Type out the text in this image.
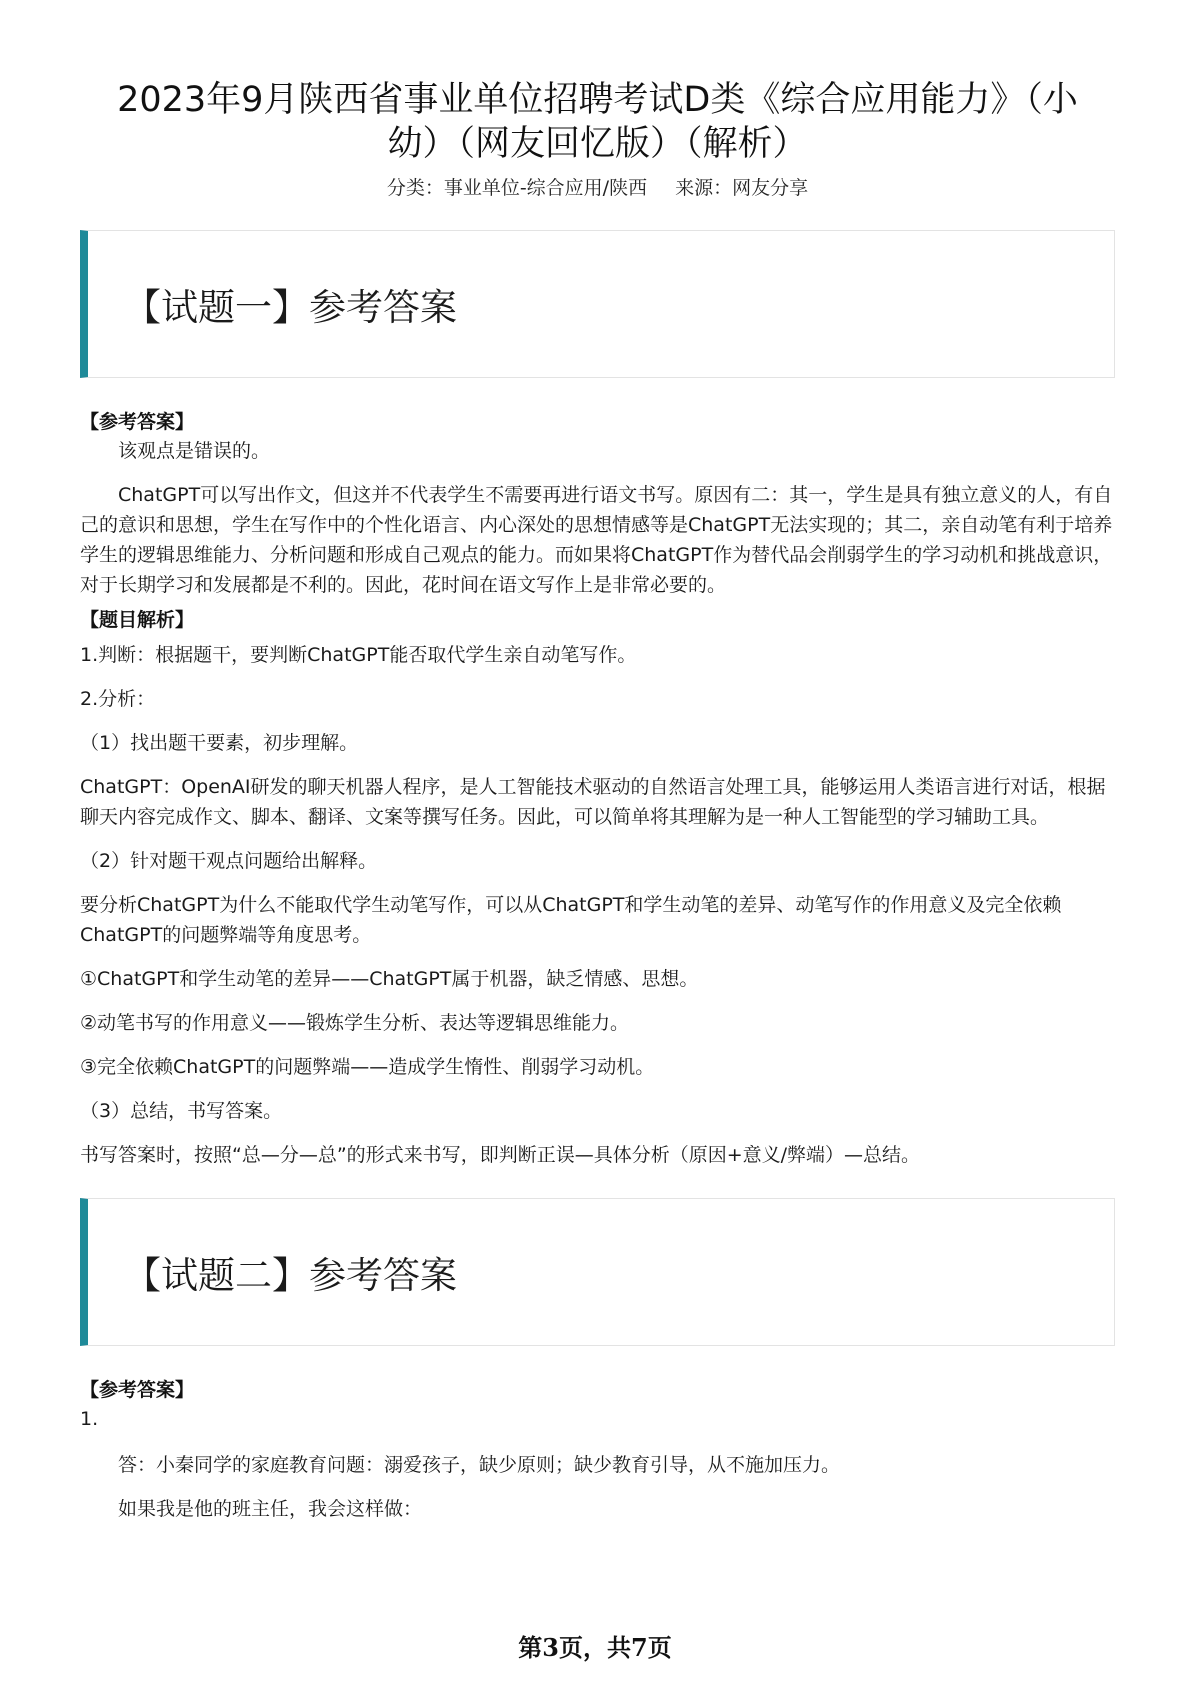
2023年9月陕西省事业单位招聘考试D类《综合应用能力》（小幼）（网友回忆版）（解析）
分类：事业单位-综合应用/陕西 来源：网友分享
【试题一】参考答案
【参考答案】

该观点是错误的。

ChatGPT可以写出作文，但这并不代表学生不需要再进行语文书写。原因有二：其一，学生是具有独立意义的人，有自己的意识和思想，学生在写作中的个性化语言、内心深处的思想情感等是ChatGPT无法实现的；其二，亲自动笔有利于培养学生的逻辑思维能力、分析问题和形成自己观点的能力。而如果将ChatGPT作为替代品会削弱学生的学习动机和挑战意识，对于长期学习和发展都是不利的。因此，花时间在语文写作上是非常必要的。

【题目解析】

1.判断：根据题干，要判断ChatGPT能否取代学生亲自动笔写作。

2.分析：

（1）找出题干要素，初步理解。

ChatGPT：OpenAI研发的聊天机器人程序，是人工智能技术驱动的自然语言处理工具，能够运用人类语言进行对话，根据聊天内容完成作文、脚本、翻译、文案等撰写任务。因此，可以简单将其理解为是一种人工智能型的学习辅助工具。

（2）针对题干观点问题给出解释。

要分析ChatGPT为什么不能取代学生动笔写作，可以从ChatGPT和学生动笔的差异、动笔写作的作用意义及完全依赖ChatGPT的问题弊端等角度思考。

①ChatGPT和学生动笔的差异——ChatGPT属于机器，缺乏情感、思想。

②动笔书写的作用意义——锻炼学生分析、表达等逻辑思维能力。

③完全依赖ChatGPT的问题弊端——造成学生惰性、削弱学习动机。

（3）总结，书写答案。

书写答案时，按照“总—分—总”的形式来书写，即判断正误—具体分析（原因+意义/弊端）—总结。

【试题二】参考答案
【参考答案】

1.

答：小秦同学的家庭教育问题：溺爱孩子，缺少原则；缺少教育引导，从不施加压力。

如果我是他的班主任，我会这样做：

第3页，共7页
